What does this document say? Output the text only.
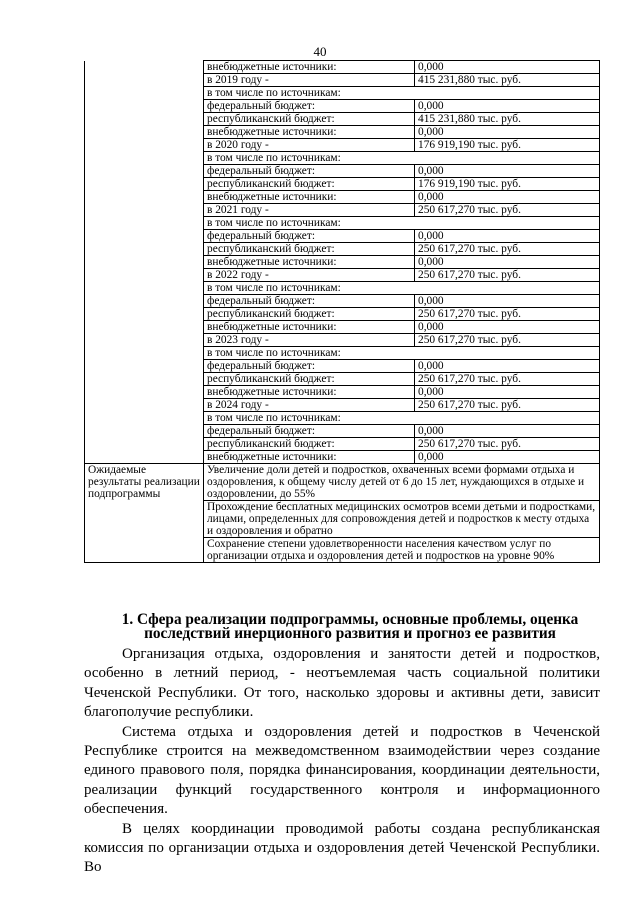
40
	внебюджетные источники:	0,000
	в 2019 году -	415 231,880 тыс. руб.
	в том числе по источникам:	
	федеральный бюджет:	0,000
	республиканский бюджет:	415 231,880 тыс. руб.
	внебюджетные источники:	0,000
	в 2020 году -	176 919,190 тыс. руб.
	в том числе по источникам:	
	федеральный бюджет:	0,000
	республиканский бюджет:	176 919,190 тыс. руб.
	внебюджетные источники:	0,000
	в 2021 году -	250 617,270 тыс. руб.
	в том числе по источникам:	
	федеральный бюджет:	0,000
	республиканский бюджет:	250 617,270 тыс. руб.
	внебюджетные источники:	0,000
	в 2022 году -	250 617,270 тыс. руб.
	в том числе по источникам:	
	федеральный бюджет:	0,000
	республиканский бюджет:	250 617,270 тыс. руб.
	внебюджетные источники:	0,000
	в 2023 году -	250 617,270 тыс. руб.
	в том числе по источникам:	
	федеральный бюджет:	0,000
	республиканский бюджет:	250 617,270 тыс. руб.
	внебюджетные источники:	0,000
	в 2024 году -	250 617,270 тыс. руб.
	в том числе по источникам:	
	федеральный бюджет:	0,000
	республиканский бюджет:	250 617,270 тыс. руб.
	внебюджетные источники:	0,000
Ожидаемые результаты реализации подпрограммы	Увеличение доли детей и подростков, охваченных всеми формами отдыха и оздоровления, к общему числу детей от 6 до 15 лет, нуждающихся в отдыхе и оздоровлении, до 55%	
	Прохождение бесплатных медицинских осмотров всеми детьми и подростками, лицами, определенных для сопровождения детей и подростков к месту отдыха и оздоровления и обратно	
	Сохранение степени удовлетворенности населения качеством услуг по организации отдыха и оздоровления детей и подростков на уровне 90%	
1. Сфера реализации подпрограммы, основные проблемы, оценка последствий инерционного развития и прогноз ее развития

Организация отдыха, оздоровления и занятости детей и подростков, особенно в летний период, - неотъемлемая часть социальной политики Чеченской Республики. От того, насколько здоровы и активны дети, зависит благополучие республики.

Система отдыха и оздоровления детей и подростков в Чеченской Республике строится на межведомственном взаимодействии через создание единого правового поля, порядка финансирования, координации деятельности, реализации функций государственного контроля и информационного обеспечения.

В целях координации проводимой работы создана республиканская комиссия по организации отдыха и оздоровления детей Чеченской Республики. Во
